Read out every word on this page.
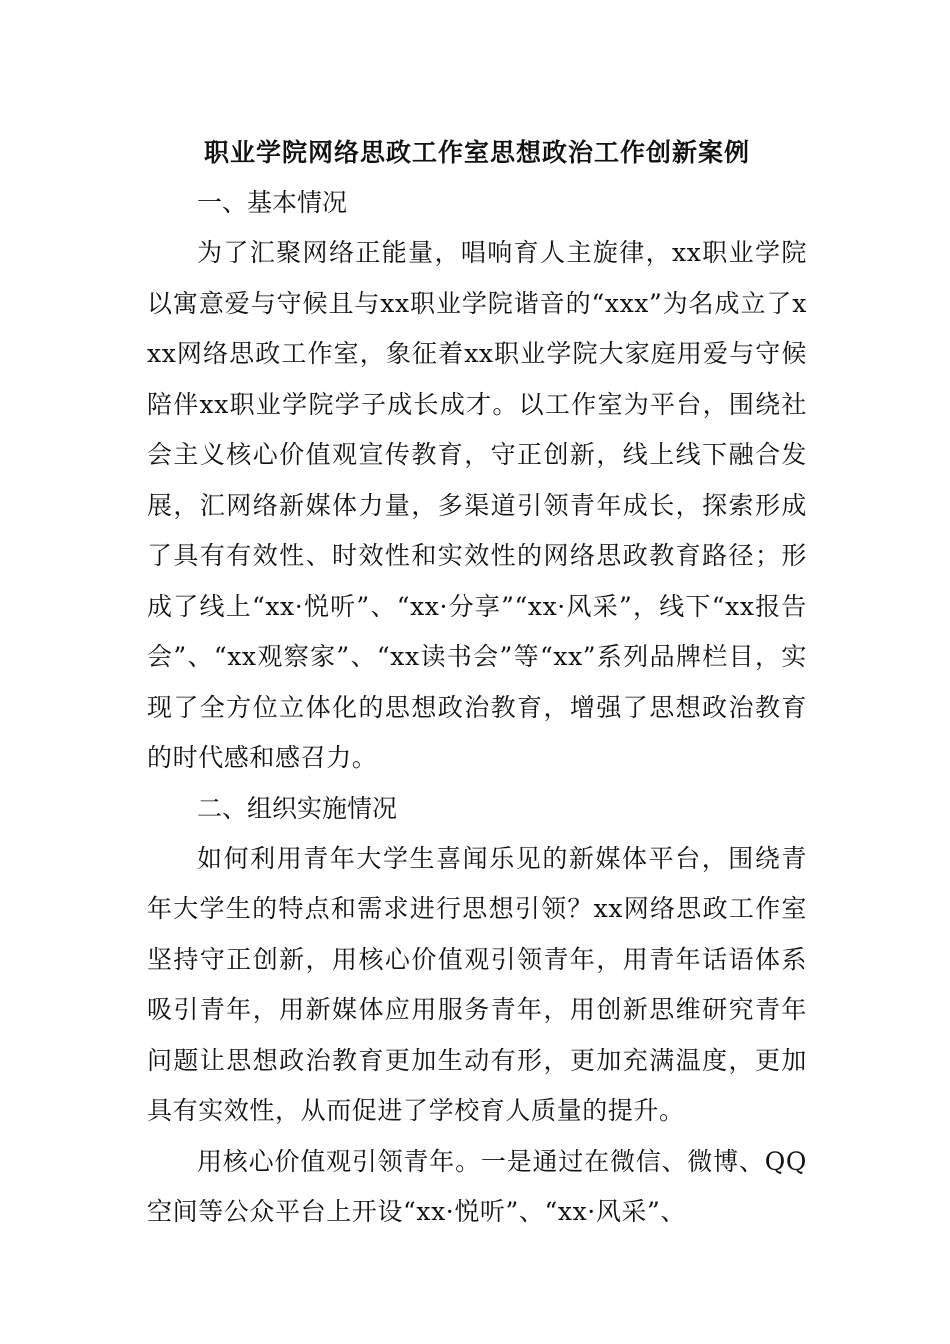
职业学院网络思政工作室思想政治工作创新案例

一、基本情况

为了汇聚网络正能量，唱响育人主旋律，xx职业学院以寓意爱与守候且与xx职业学院谐音的“xxx”为名成立了xxx网络思政工作室，象征着xx职业学院大家庭用爱与守候陪伴xx职业学院学子成长成才。以工作室为平台，围绕社会主义核心价值观宣传教育，守正创新，线上线下融合发展，汇网络新媒体力量，多渠道引领青年成长，探索形成了具有有效性、时效性和实效性的网络思政教育路径；形成了线上“xx·悦听”、“xx·分享”“xx·风采”，线下“xx报告会”、“xx观察家”、“xx读书会”等“xx”系列品牌栏目，实现了全方位立体化的思想政治教育，增强了思想政治教育的时代感和感召力。

二、组织实施情况

如何利用青年大学生喜闻乐见的新媒体平台，围绕青年大学生的特点和需求进行思想引领？xx网络思政工作室坚持守正创新，用核心价值观引领青年，用青年话语体系吸引青年，用新媒体应用服务青年，用创新思维研究青年问题让思想政治教育更加生动有形，更加充满温度，更加具有实效性，从而促进了学校育人质量的提升。

用核心价值观引领青年。一是通过在微信、微博、QQ空间等公众平台上开设“xx·悦听”、“xx·风采”、
